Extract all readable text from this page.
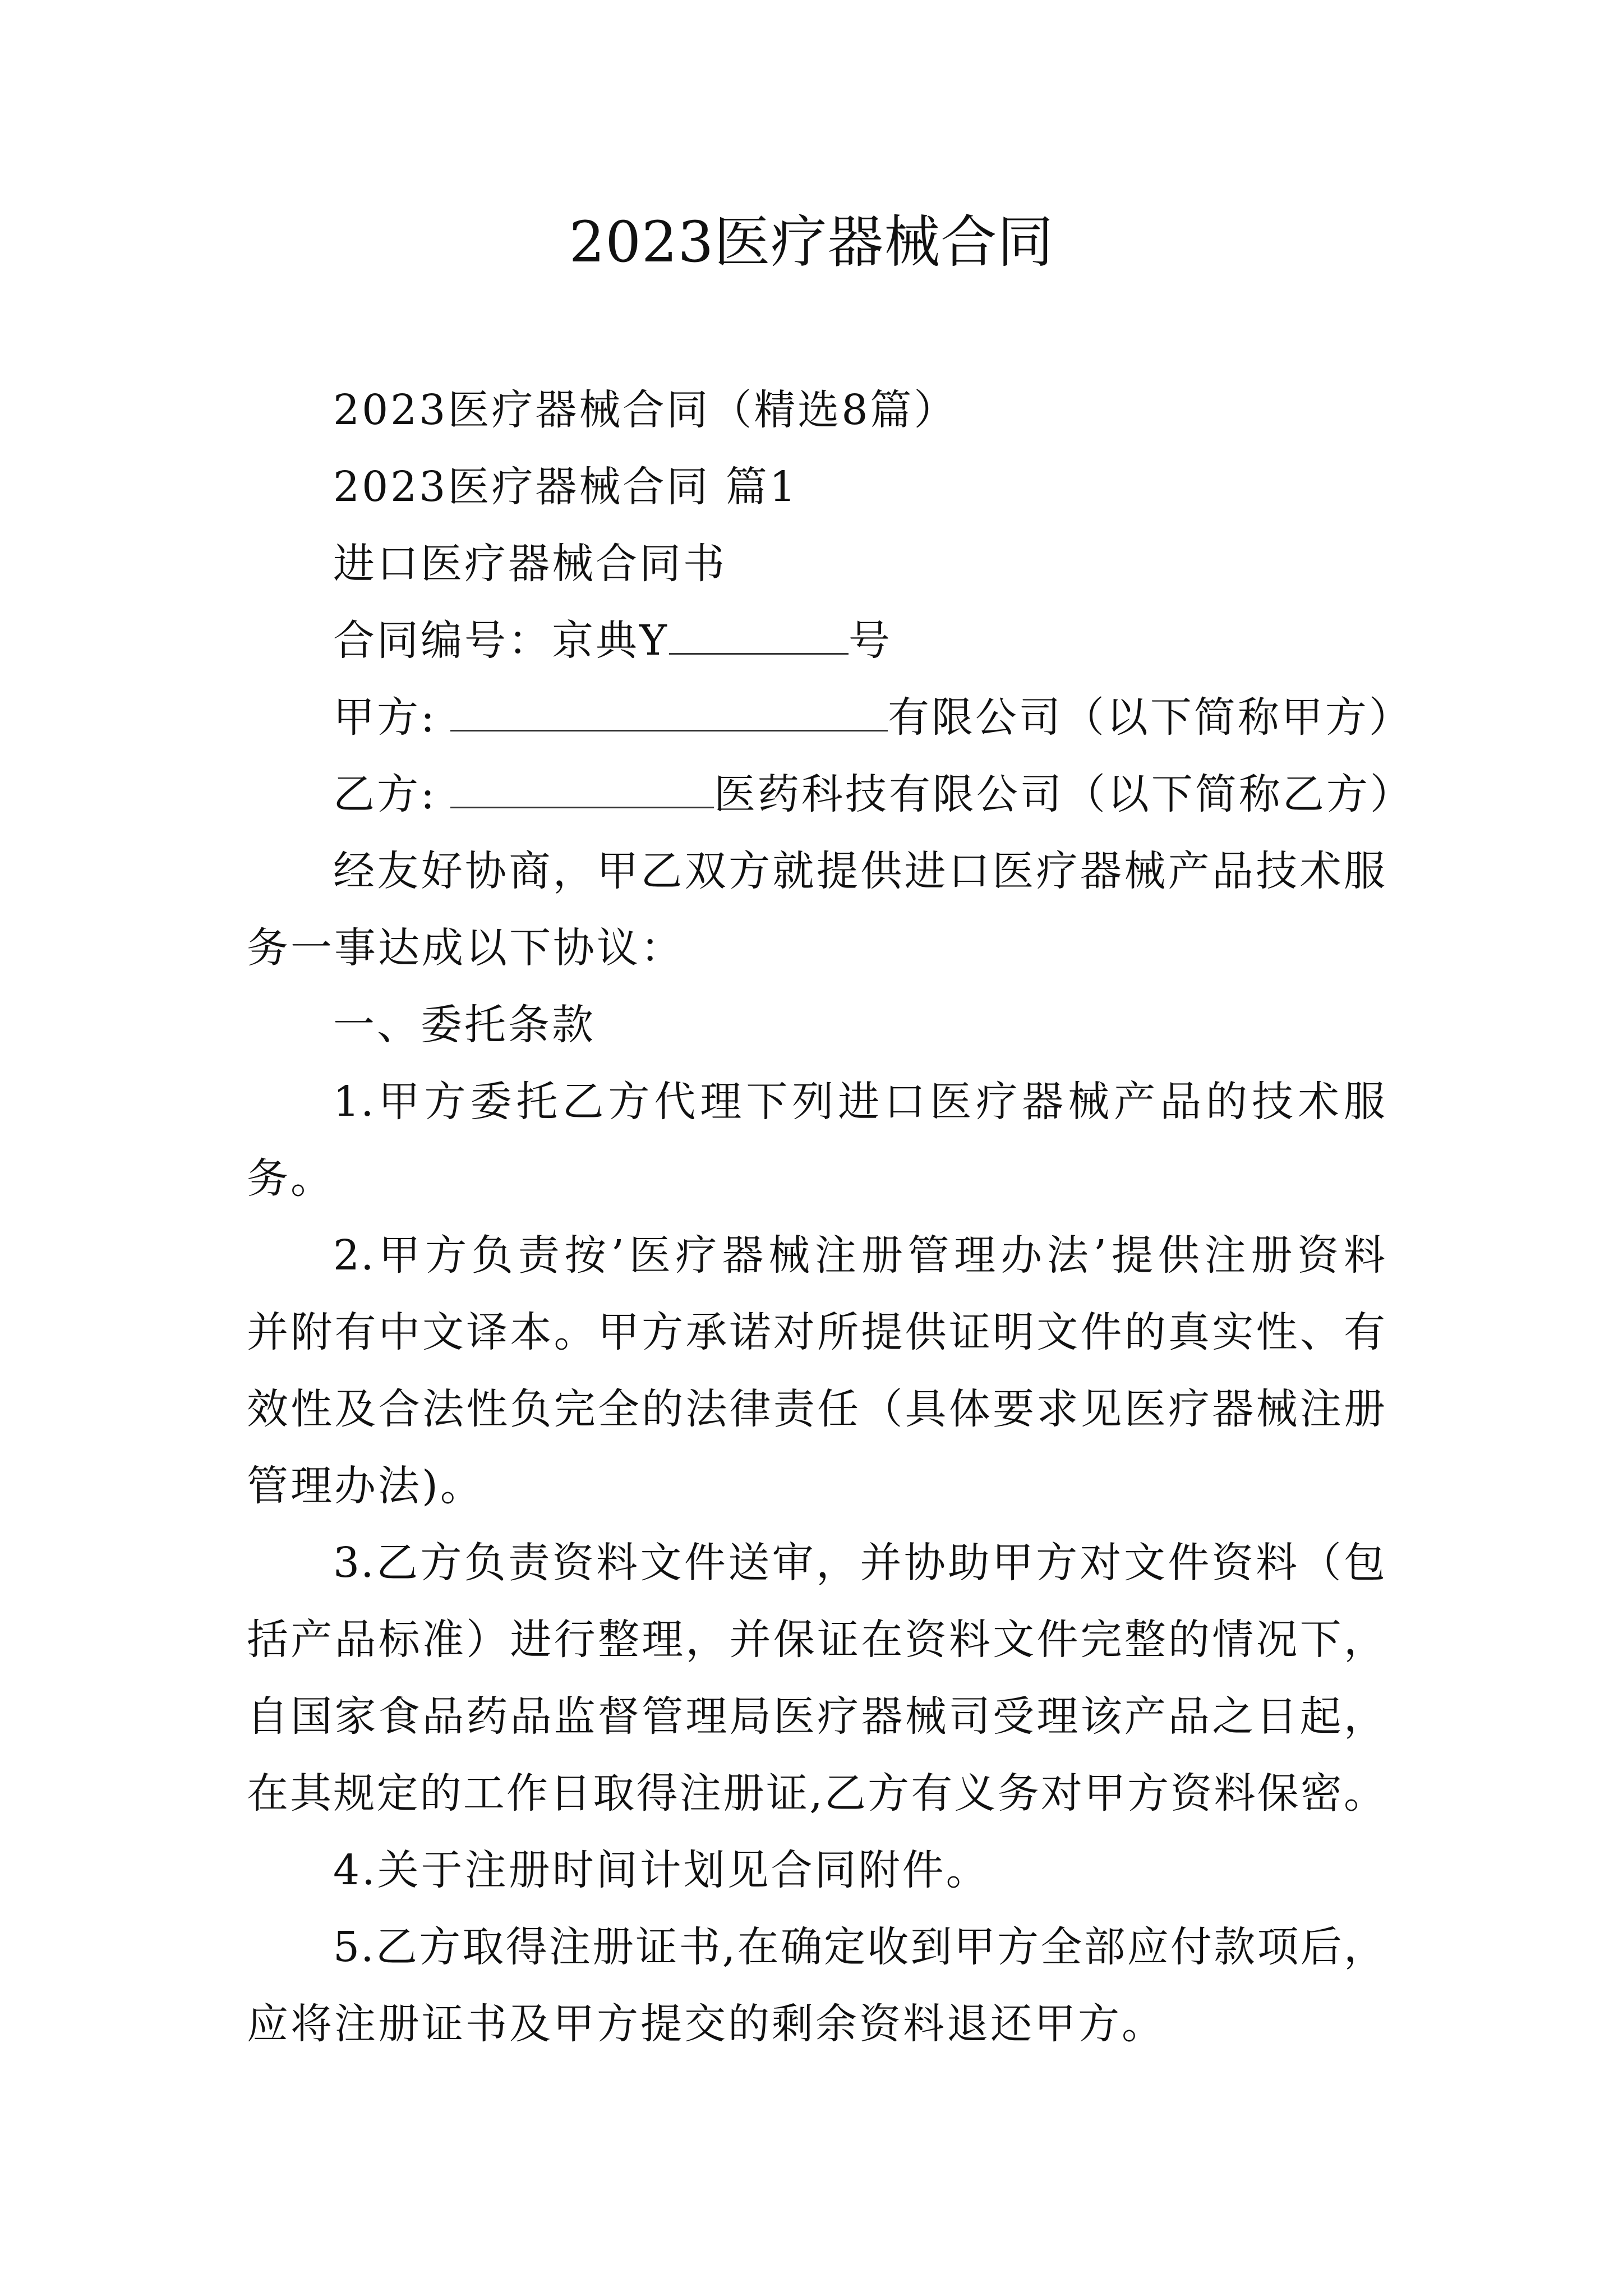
2023医疗器械合同
2023医疗器械合同（精选8篇）
2023医疗器械合同 篇1
进口医疗器械合同书
合同编号：京典Y	号
甲方:	有限公司（以下简称甲方）
乙方:	医药科技有限公司（以下简称乙方）
经友好协商，甲乙双方就提供进口医疗器械产品技术服
务一事达成以下协议：
一、委托条款
1.甲方委托乙方代理下列进口医疗器械产品的技术服
务。
2.甲方负责按’医疗器械注册管理办法’提供注册资料
并附有中文译本。甲方承诺对所提供证明文件的真实性、有
效性及合法性负完全的法律责任（具体要求见医疗器械注册
管理办法)。
3.乙方负责资料文件送审，并协助甲方对文件资料（包
括产品标准）进行整理，并保证在资料文件完整的情况下，
自国家食品药品监督管理局医疗器械司受理该产品之日起，
在其规定的工作日取得注册证,乙方有义务对甲方资料保密。
4.关于注册时间计划见合同附件。
5.乙方取得注册证书,在确定收到甲方全部应付款项后，
应将注册证书及甲方提交的剩余资料退还甲方。
